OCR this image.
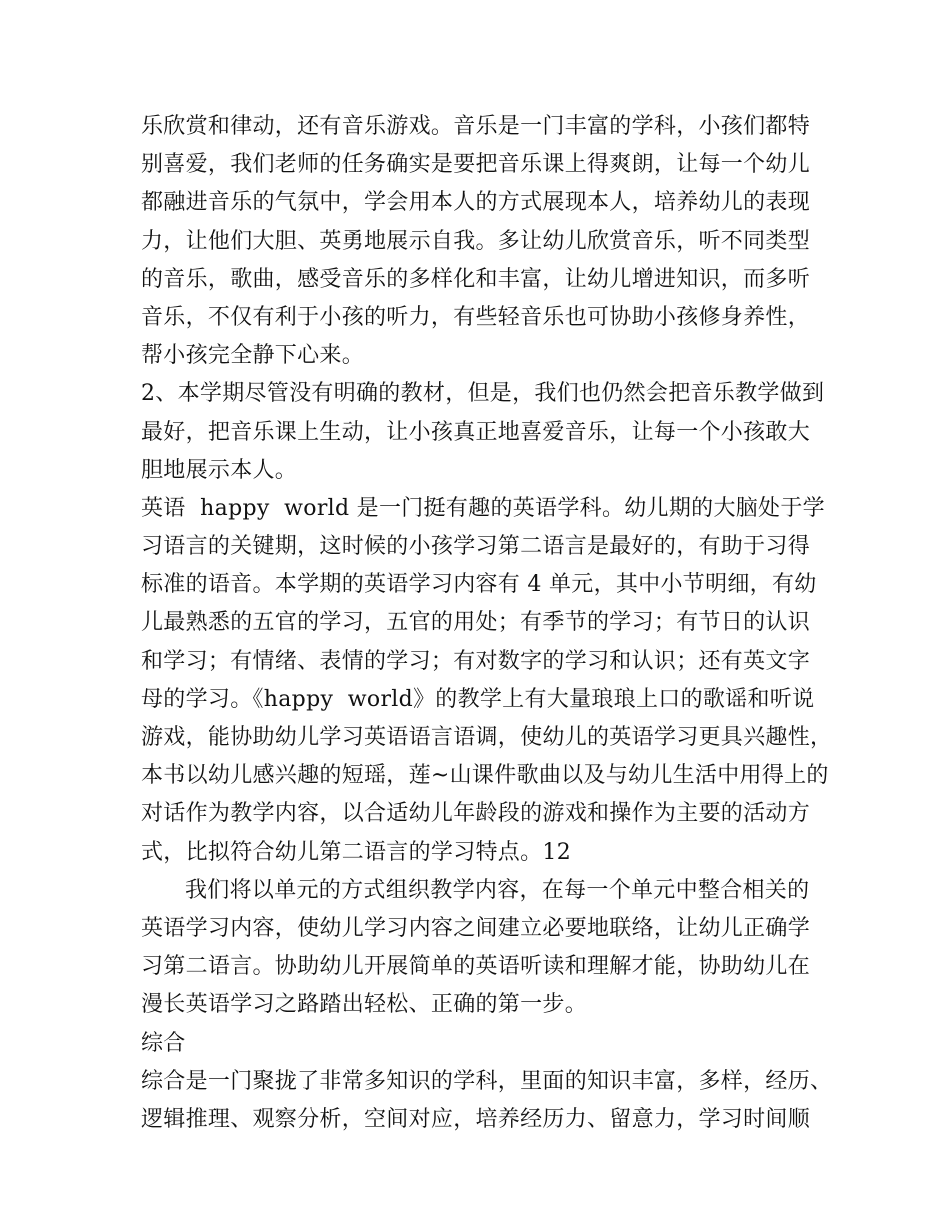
乐欣赏和律动，还有音乐游戏。音乐是一门丰富的学科，小孩们都特
别喜爱，我们老师的任务确实是要把音乐课上得爽朗，让每一个幼儿
都融进音乐的气氛中，学会用本人的方式展现本人，培养幼儿的表现
力，让他们大胆、英勇地展示自我。多让幼儿欣赏音乐，听不同类型
的音乐，歌曲，感受音乐的多样化和丰富，让幼儿增进知识，而多听
音乐，不仅有利于小孩的听力，有些轻音乐也可协助小孩修身养性，
帮小孩完全静下心来。
2、本学期尽管没有明确的教材，但是，我们也仍然会把音乐教学做到
最好，把音乐课上生动，让小孩真正地喜爱音乐，让每一个小孩敢大
胆地展示本人。
英语  happy  world 是一门挺有趣的英语学科。幼儿期的大脑处于学
习语言的关键期，这时候的小孩学习第二语言是最好的，有助于习得
标准的语音。本学期的英语学习内容有 4 单元，其中小节明细，有幼
儿最熟悉的五官的学习，五官的用处；有季节的学习；有节日的认识
和学习；有情绪、表情的学习；有对数字的学习和认识；还有英文字
母的学习。《happy  world》的教学上有大量琅琅上口的歌谣和听说
游戏，能协助幼儿学习英语语言语调，使幼儿的英语学习更具兴趣性，
本书以幼儿感兴趣的短瑶，莲~山课件歌曲以及与幼儿生活中用得上的
对话作为教学内容，以合适幼儿年龄段的游戏和操作为主要的活动方
式，比拟符合幼儿第二语言的学习特点。12
我们将以单元的方式组织教学内容，在每一个单元中整合相关的
英语学习内容，使幼儿学习内容之间建立必要地联络，让幼儿正确学
习第二语言。协助幼儿开展简单的英语听读和理解才能，协助幼儿在
漫长英语学习之路踏出轻松、正确的第一步。
综合
综合是一门聚拢了非常多知识的学科，里面的知识丰富，多样，经历、
逻辑推理、观察分析，空间对应，培养经历力、留意力，学习时间顺
